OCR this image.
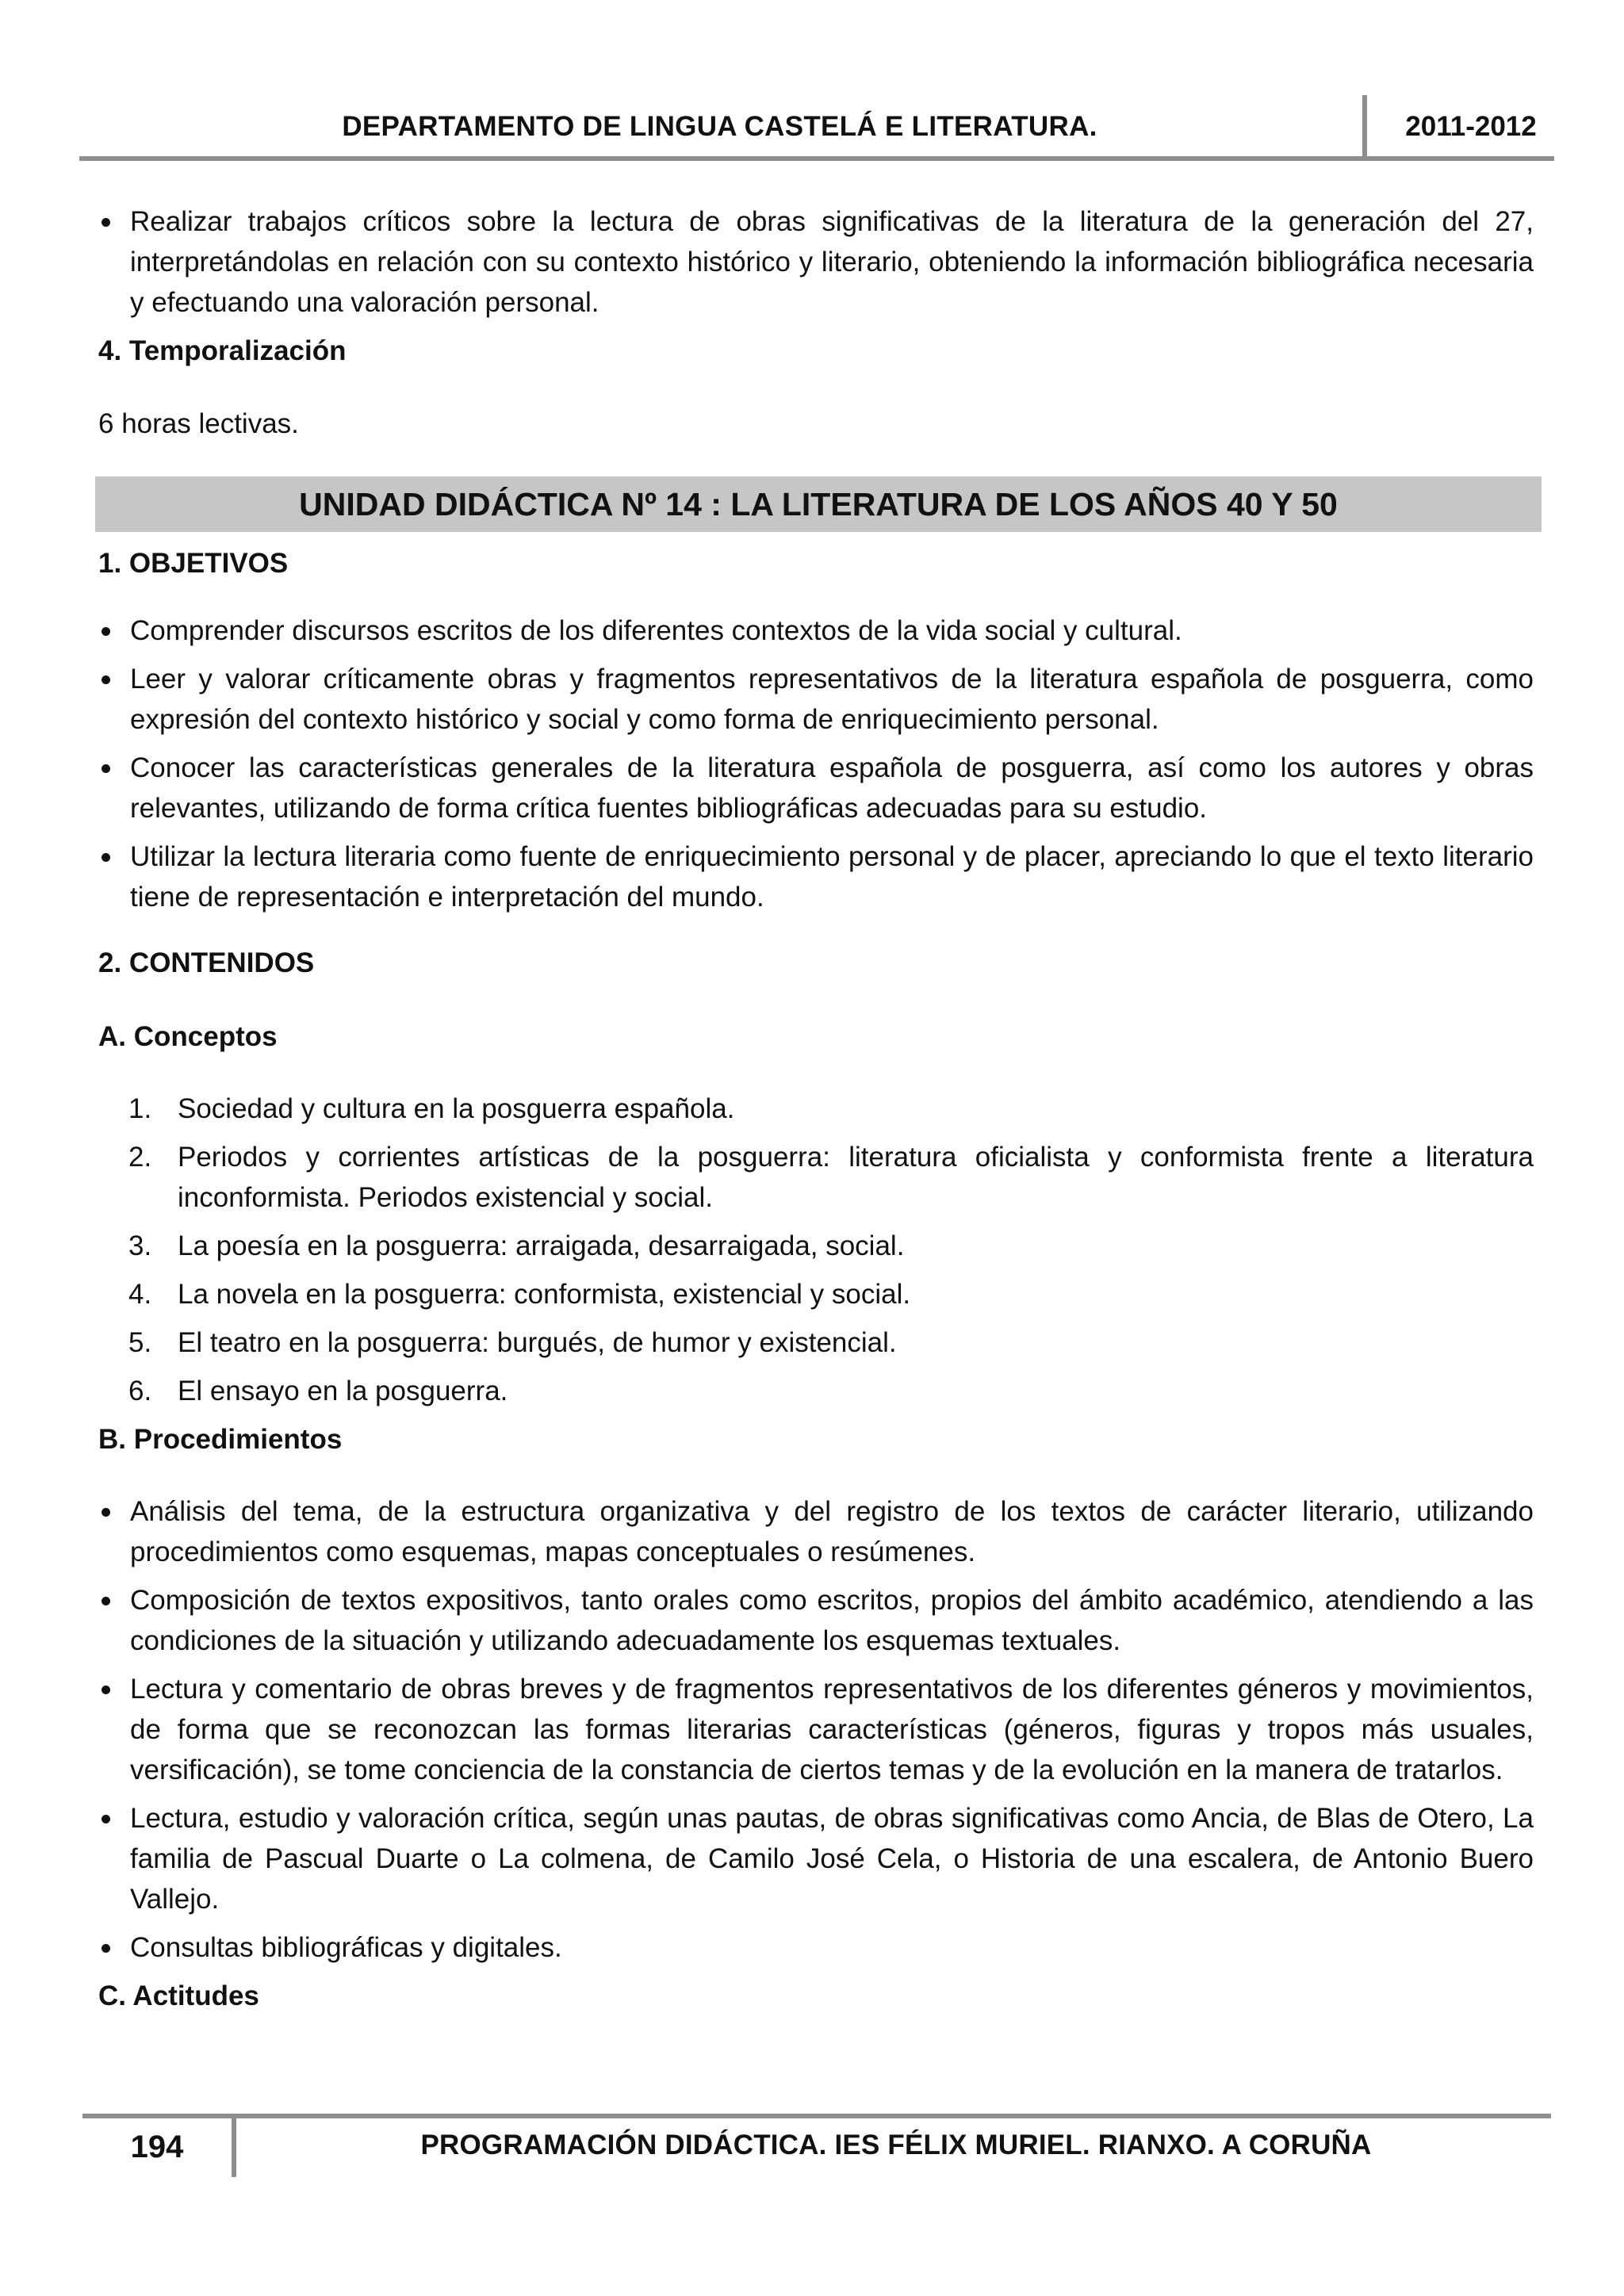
DEPARTAMENTO DE LINGUA CASTELÁ E LITERATURA.	2011-2012
Realizar trabajos críticos sobre la lectura de obras significativas de la literatura de la generación del 27, interpretándolas en relación con su contexto histórico y literario, obteniendo la información bibliográfica necesaria y efectuando una valoración personal.

4. Temporalización

6 horas lectivas.

UNIDAD DIDÁCTICA Nº 14 : LA LITERATURA DE LOS AÑOS 40 Y 50

1. OBJETIVOS

Comprender discursos escritos de los diferentes contextos de la vida social y cultural.
Leer y valorar críticamente obras y fragmentos representativos de la literatura española de posguerra, como expresión del contexto histórico y social y como forma de enriquecimiento personal.
Conocer las características generales de la literatura española de posguerra, así como los autores y obras relevantes, utilizando de forma crítica fuentes bibliográficas adecuadas para su estudio.
Utilizar la lectura literaria como fuente de enriquecimiento personal y de placer, apreciando lo que el texto literario tiene de representación e interpretación del mundo.

2. CONTENIDOS

A. Conceptos

1. Sociedad y cultura en la posguerra española.
2. Periodos y corrientes artísticas de la posguerra: literatura oficialista y conformista frente a literatura inconformista. Periodos existencial y social.
3. La poesía en la posguerra: arraigada, desarraigada, social.
4. La novela en la posguerra: conformista, existencial y social.
5. El teatro en la posguerra: burgués, de humor y existencial.
6. El ensayo en la posguerra.

B. Procedimientos

Análisis del tema, de la estructura organizativa y del registro de los textos de carácter literario, utilizando procedimientos como esquemas, mapas conceptuales o resúmenes.
Composición de textos expositivos, tanto orales como escritos, propios del ámbito académico, atendiendo a las condiciones de la situación y utilizando adecuadamente los esquemas textuales.
Lectura y comentario de obras breves y de fragmentos representativos de los diferentes géneros y movimientos, de forma que se reconozcan las formas literarias características (géneros, figuras y tropos más usuales, versificación), se tome conciencia de la constancia de ciertos temas y de la evolución en la manera de tratarlos.
Lectura, estudio y valoración crítica, según unas pautas, de obras significativas como Ancia, de Blas de Otero, La familia de Pascual Duarte o La colmena, de Camilo José Cela, o Historia de una escalera, de Antonio Buero Vallejo.
Consultas bibliográficas y digitales.

C. Actitudes

194	PROGRAMACIÓN DIDÁCTICA. IES FÉLIX MURIEL. RIANXO. A CORUÑA
